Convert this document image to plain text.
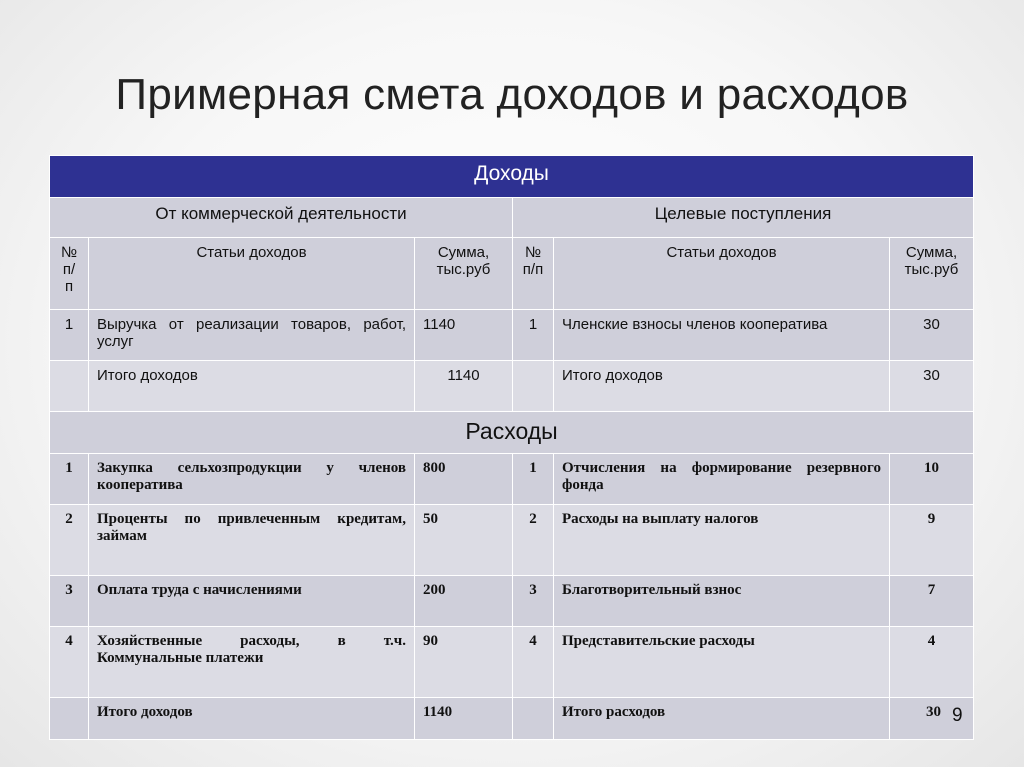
Примерная смета доходов и расходов
Доходы					
От коммерческой деятельности			Целевые поступления		
№ п/ п	Статьи доходов	Сумма, тыс.руб	№ п/п	Статьи доходов	Сумма, тыс.руб
1	Выручка от реализации товаров, работ, услуг	1140	1	Членские взносы членов кооператива	30
	Итого доходов	1140		Итого доходов	30
Расходы					
1	Закупка сельхозпродукции у членов кооператива	800	1	Отчисления на формирование резервного фонда	10
2	Проценты по привлеченным кредитам, займам	50	2	Расходы на выплату налогов	9
3	Оплата труда с начислениями	200	3	Благотворительный взнос	7
4	Хозяйственные расходы, в т.ч. Коммунальные платежи	90	4	Представительские расходы	4
	Итого доходов	1140		Итого расходов	30 9
